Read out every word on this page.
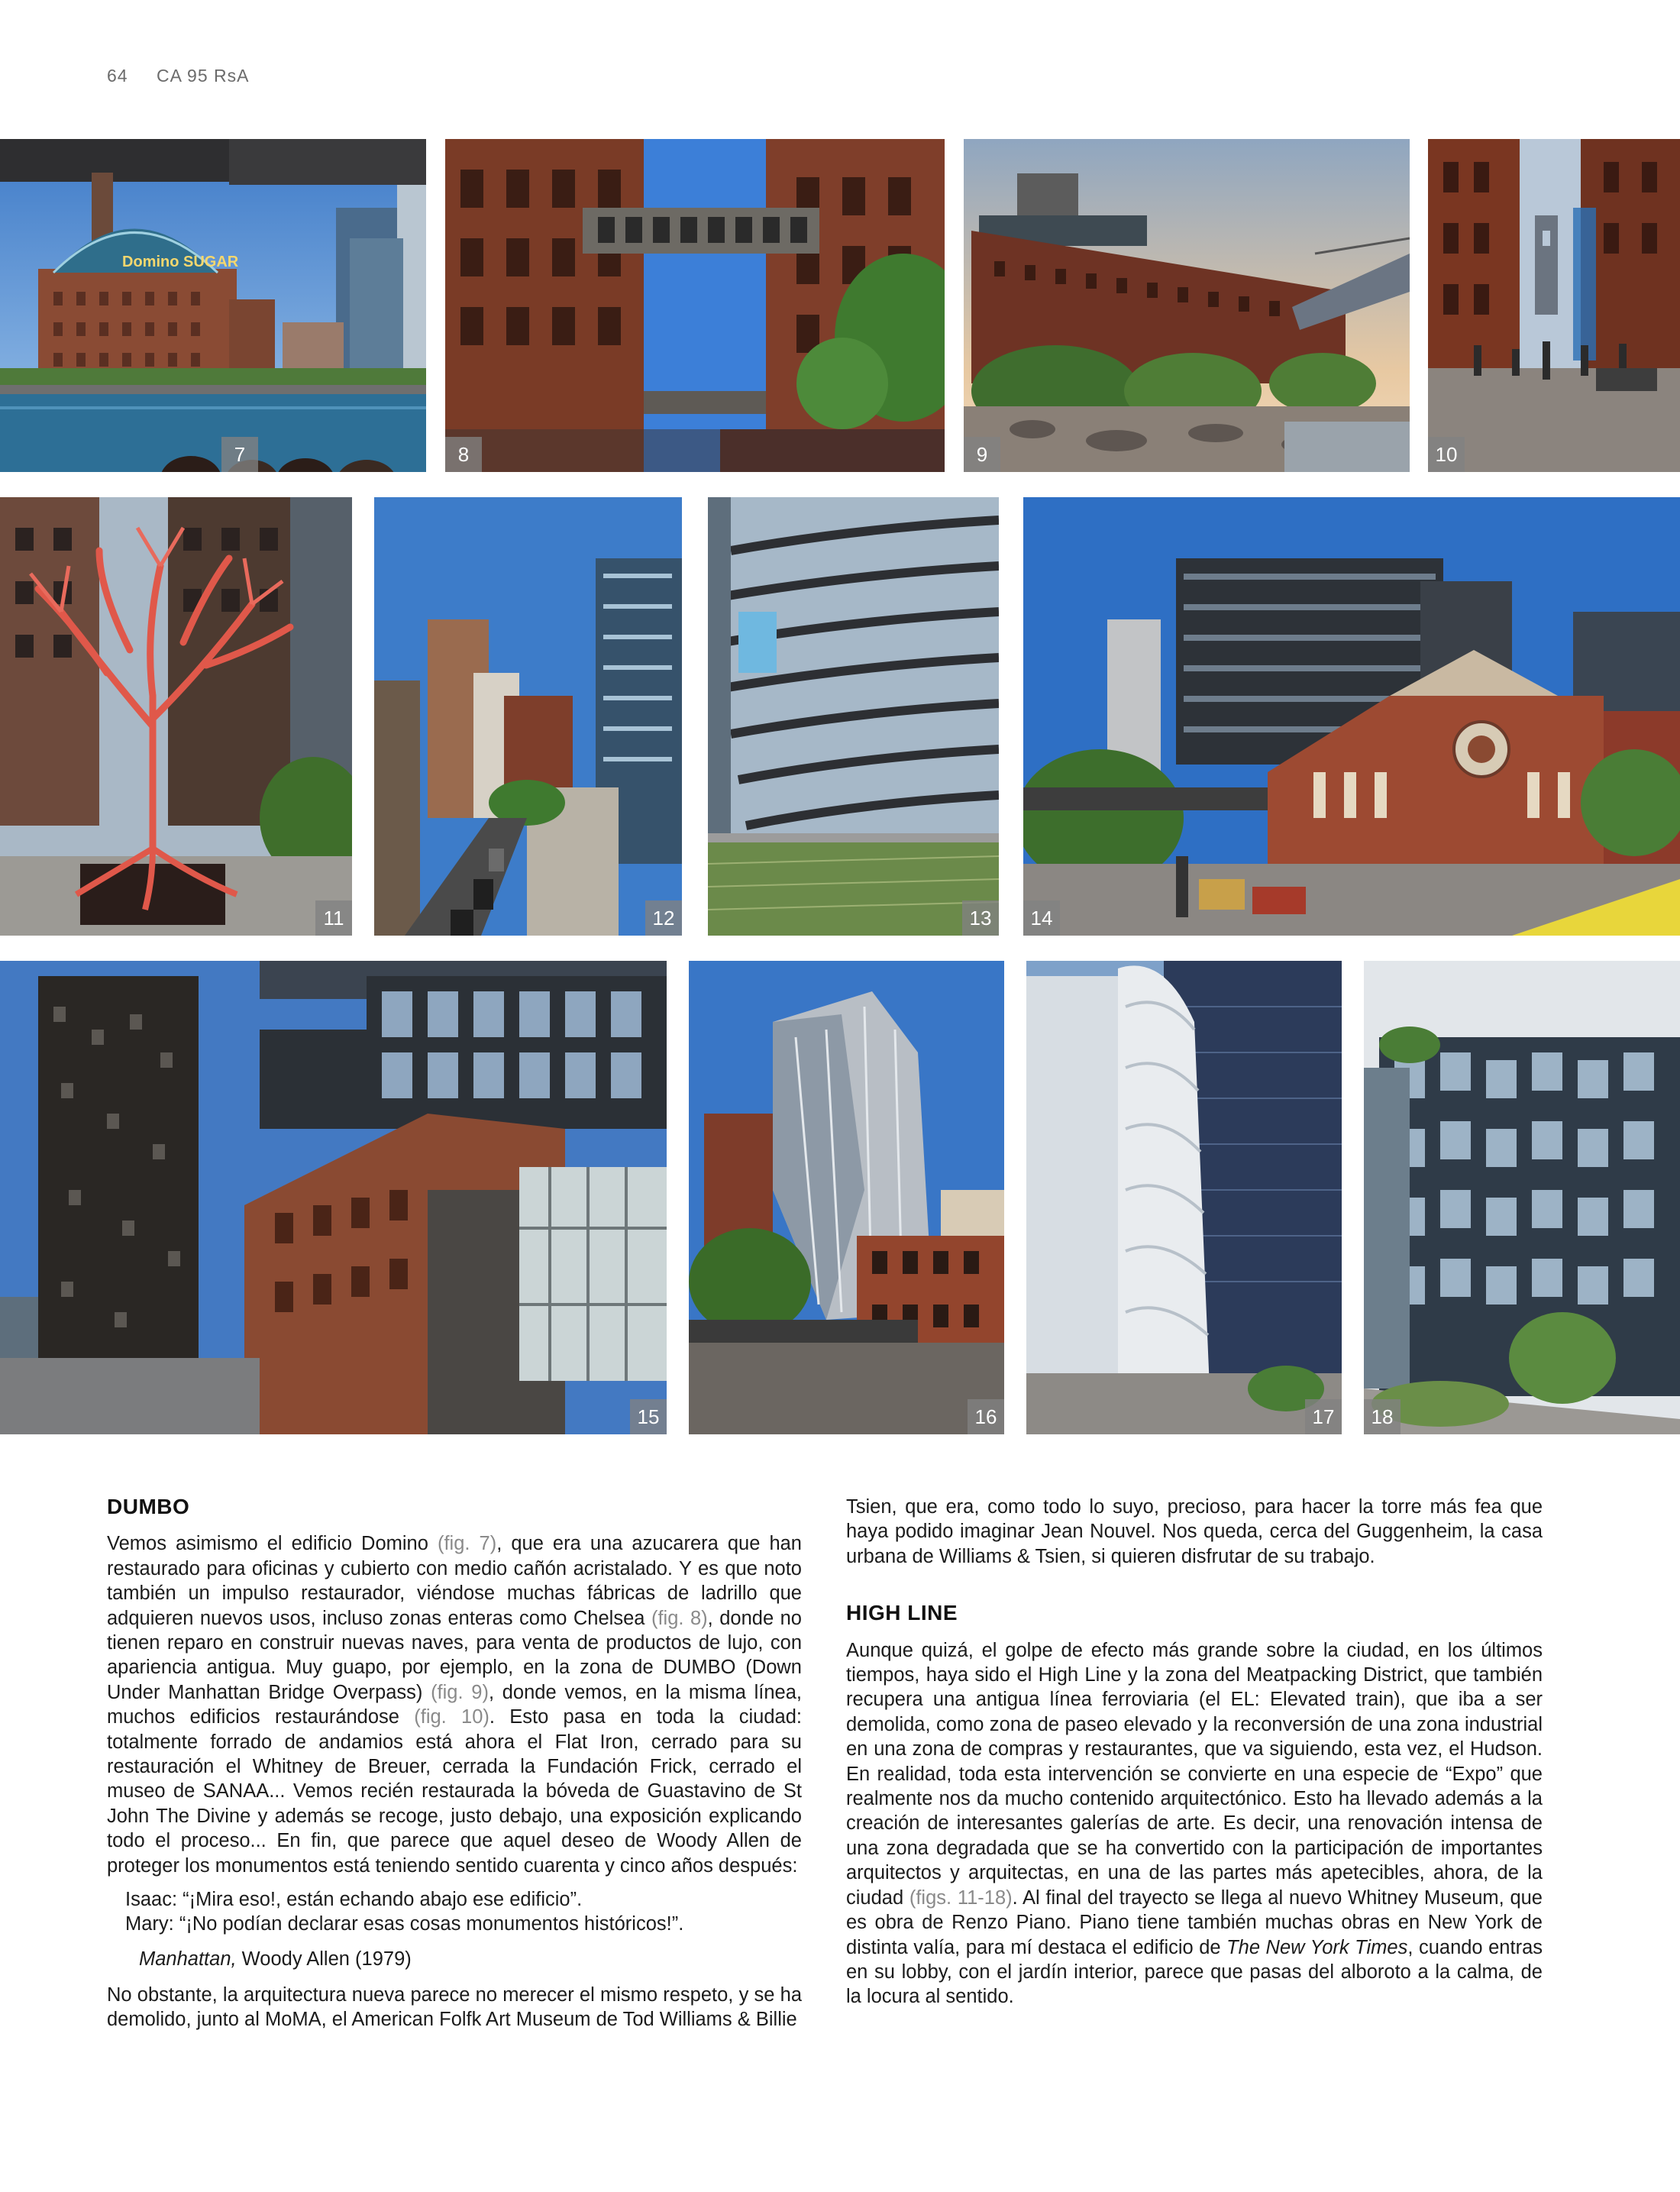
64 CA 95 RsA
Domino SUGAR
7	8	9	10
11	12	13	14
15	16	17	18
DUMBO

Vemos asimismo el edificio Domino (fig. 7), que era una azucarera que han restaurado para oficinas y cubierto con medio cañón acristalado. Y es que noto también un impulso restaurador, viéndose muchas fábricas de ladrillo que adquieren nuevos usos, incluso zonas enteras como Chelsea (fig. 8), donde no tienen reparo en construir nuevas naves, para venta de productos de lujo, con apariencia antigua. Muy guapo, por ejemplo, en la zona de DUMBO (Down Under Manhattan Bridge Overpass) (fig. 9), donde vemos, en la misma línea, muchos edificios restaurándose (fig. 10). Esto pasa en toda la ciudad: totalmente forrado de andamios está ahora el Flat Iron, cerrado para su restauración el Whitney de Breuer, cerrada la Fundación Frick, cerrado el museo de SANAA... Vemos recién restaurada la bóveda de Guastavino de St John The Divine y además se recoge, justo debajo, una exposición explicando todo el proceso... En fin, que parece que aquel deseo de Woody Allen de proteger los monumentos está teniendo sentido cuarenta y cinco años después:

Isaac: “¡Mira eso!, están echando abajo ese edificio”.
Mary: “¡No podían declarar esas cosas monumentos históricos!”.
Manhattan, Woody Allen (1979)

No obstante, la arquitectura nueva parece no merecer el mismo respeto, y se ha demolido, junto al MoMA, el American Folfk Art Museum de Tod Williams & Billie

Tsien, que era, como todo lo suyo, precioso, para hacer la torre más fea que haya podido imaginar Jean Nouvel. Nos queda, cerca del Guggenheim, la casa urbana de Williams & Tsien, si quieren disfrutar de su trabajo.

HIGH LINE

Aunque quizá, el golpe de efecto más grande sobre la ciudad, en los últimos tiempos, haya sido el High Line y la zona del Meatpacking District, que también recupera una antigua línea ferroviaria (el EL: Elevated train), que iba a ser demolida, como zona de paseo elevado y la reconversión de una zona industrial en una zona de compras y restaurantes, que va siguiendo, esta vez, el Hudson. En realidad, toda esta intervención se convierte en una especie de “Expo” que realmente nos da mucho contenido arquitectónico. Esto ha llevado además a la creación de interesantes galerías de arte. Es decir, una renovación intensa de una zona degradada que se ha convertido con la participación de importantes arquitectos y arquitectas, en una de las partes más apetecibles, ahora, de la ciudad (figs. 11-18). Al final del trayecto se llega al nuevo Whitney Museum, que es obra de Renzo Piano. Piano tiene también muchas obras en New York de distinta valía, para mí destaca el edificio de The New York Times, cuando entras en su lobby, con el jardín interior, parece que pasas del alboroto a la calma, de la locura al sentido.
